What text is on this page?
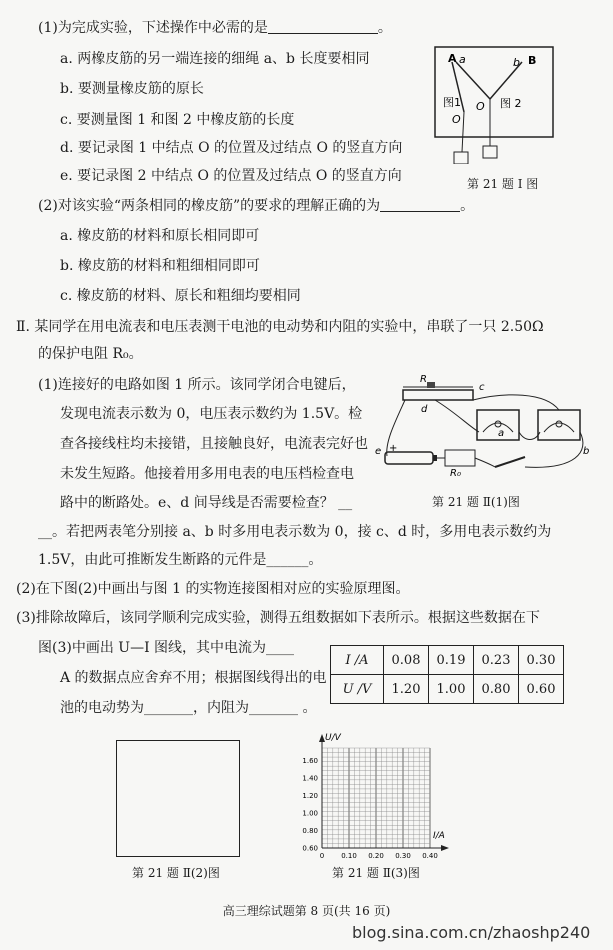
(1)为完成实验，下述操作中必需的是	。
a. 两橡皮筋的另一端连接的细绳 a、b 长度要相同
b. 要测量橡皮筋的原长
c. 要测量图 1 和图 2 中橡皮筋的长度
d. 要记录图 1 中结点 O 的位置及过结点 O 的竖直方向
e. 要记录图 2 中结点 O 的位置及过结点 O 的竖直方向
A a	b B
图1	图 2
O
O
第 21 题 Ⅰ 图
(2)对该实验“两条相同的橡皮筋”的要求的理解正确的为	。
a. 橡皮筋的材料和原长相同即可
b. 橡皮筋的材料和粗细相同即可
c. 橡皮筋的材料、原长和粗细均要相同
Ⅱ. 某同学在用电流表和电压表测干电池的电动势和内阻的实验中，串联了一只 2.50Ω
的保护电阻 R₀。
(1)连接好的电路如图 1 所示。该同学闭合电键后，
发现电流表示数为 0，电压表示数约为 1.5V。检
查各接线柱均未接错，且接触良好，电流表完好也
未发生短路。他接着用多用电表的电压档检查电
路中的断路处。e、d 间导线是否需要检查？ __
R
c
d
e
R₀
a
b
+
第 21 题 Ⅱ(1)图
__。若把两表笔分别接 a、b 时多用电表示数为 0，接 c、d 时，多用电表示数约为
1.5V，由此可推断发生断路的元件是______。
(2)在下图(2)中画出与图 1 的实物连接图相对应的实验原理图。
(3)排除故障后，该同学顺利完成实验，测得五组数据如下表所示。根据这些数据在下
图(3)中画出 U—I 图线，其中电流为____
A 的数据点应舍弃不用；根据图线得出的电
池的电动势为_______，内阻为_______ 。
I /A	0.08	0.19	0.23	0.30
U /V	1.20	1.00	0.80	0.60
第 21 题 Ⅱ(2)图
U/V
I/A
1.60
1.40
1.20
1.00
0.80
0.60
0 0.10 0.20 0.30 0.40
第 21 题 Ⅱ(3)图
高三理综试题第 8 页(共 16 页)
blog.sina.com.cn/zhaoshp240
